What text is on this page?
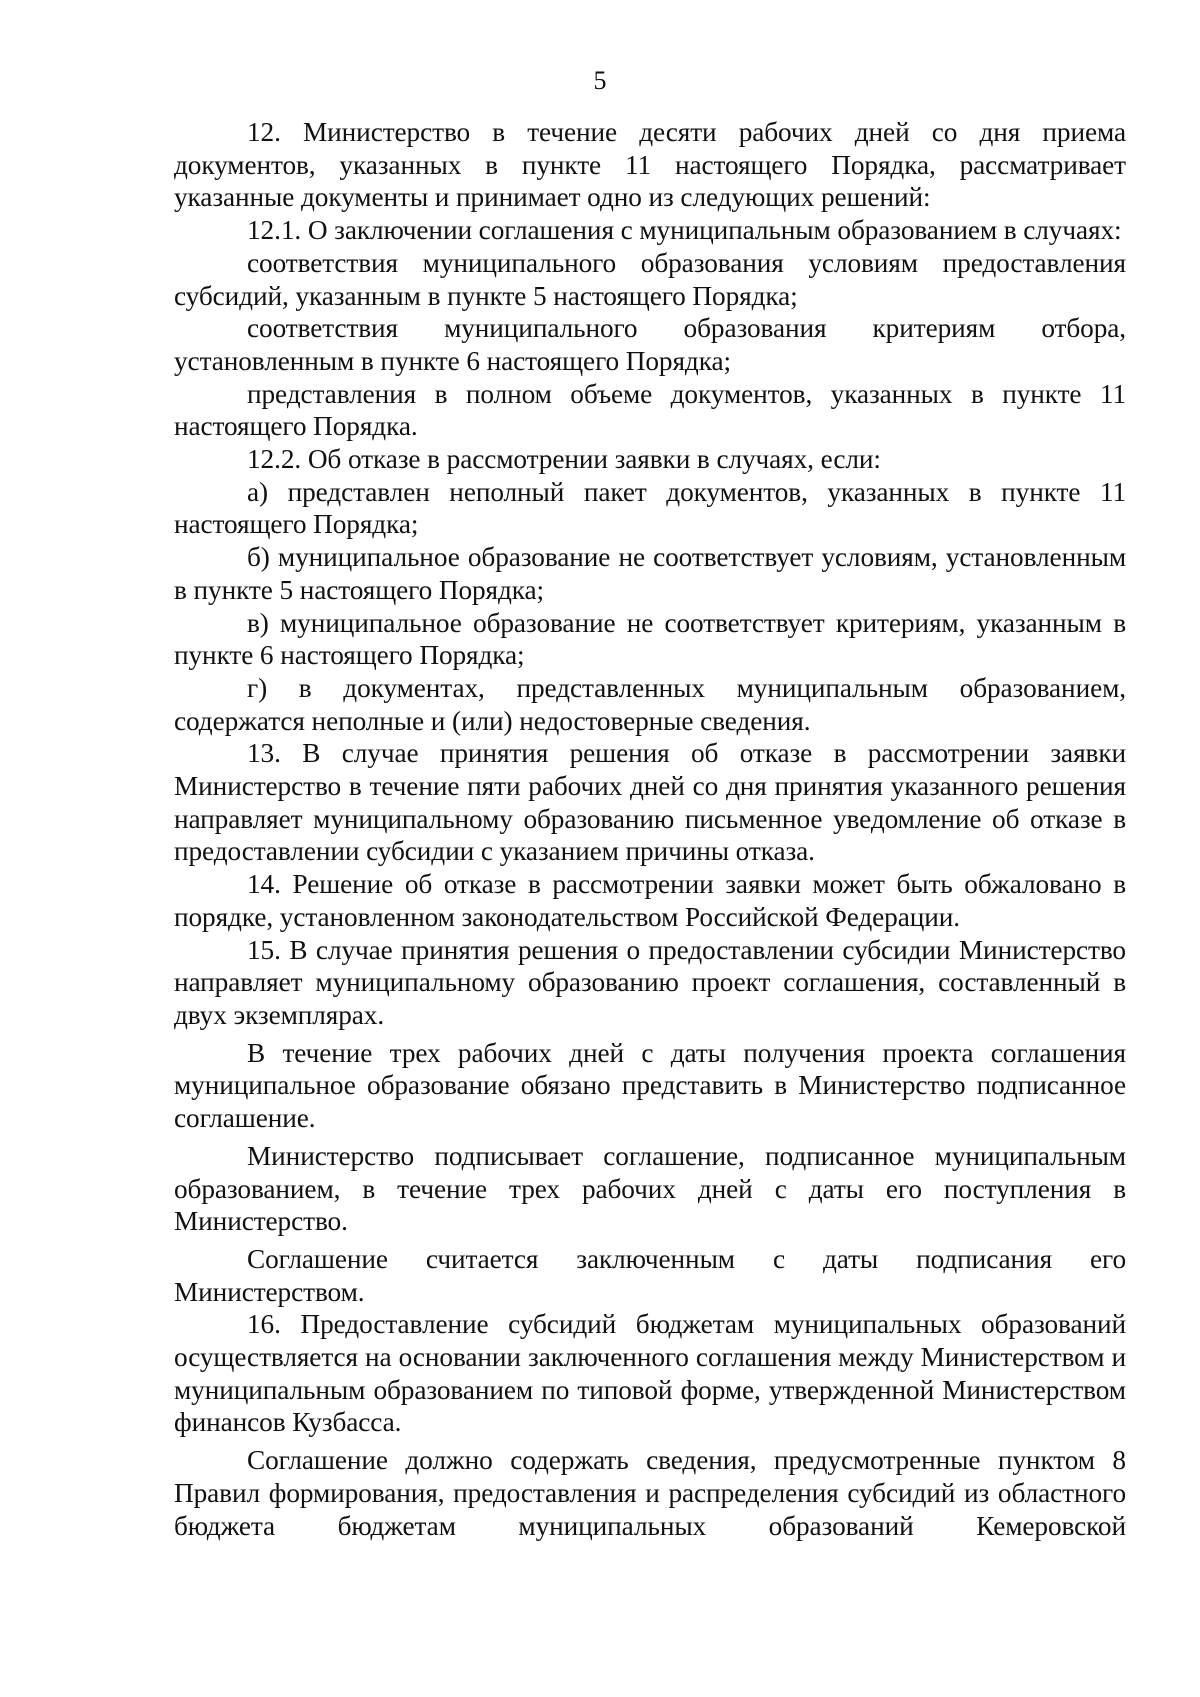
5

12. Министерство в течение десяти рабочих дней со дня приема документов, указанных в пункте 11 настоящего Порядка, рассматривает указанные документы и принимает одно из следующих решений:

12.1. О заключении соглашения с муниципальным образованием в случаях:

соответствия муниципального образования условиям предоставления субсидий, указанным в пункте 5 настоящего Порядка;

соответствия муниципального образования критериям отбора, установленным в пункте 6 настоящего Порядка;

представления в полном объеме документов, указанных в пункте 11 настоящего Порядка.

12.2. Об отказе в рассмотрении заявки в случаях, если:

а) представлен неполный пакет документов, указанных в пункте 11 настоящего Порядка;

б) муниципальное образование не соответствует условиям, установленным в пункте 5 настоящего Порядка;

в) муниципальное образование не соответствует критериям, указанным в пункте 6 настоящего Порядка;

г) в документах, представленных муниципальным образованием, содержатся неполные и (или) недостоверные сведения.

13. В случае принятия решения об отказе в рассмотрении заявки Министерство в течение пяти рабочих дней со дня принятия указанного решения направляет муниципальному образованию письменное уведомление об отказе в предоставлении субсидии с указанием причины отказа.

14. Решение об отказе в рассмотрении заявки может быть обжаловано в порядке, установленном законодательством Российской Федерации.

15. В случае принятия решения о предоставлении субсидии Министерство направляет муниципальному образованию проект соглашения, составленный в двух экземплярах.

В течение трех рабочих дней с даты получения проекта соглашения муниципальное образование обязано представить в Министерство подписанное соглашение.

Министерство подписывает соглашение, подписанное муниципальным образованием, в течение трех рабочих дней с даты его поступления в Министерство.

Соглашение считается заключенным с даты подписания его Министерством.

16. Предоставление субсидий бюджетам муниципальных образований осуществляется на основании заключенного соглашения между Министерством и муниципальным образованием по типовой форме, утвержденной Министерством финансов Кузбасса.

Соглашение должно содержать сведения, предусмотренные пунктом 8 Правил формирования, предоставления и распределения субсидий из областного бюджета бюджетам муниципальных образований Кемеровской
